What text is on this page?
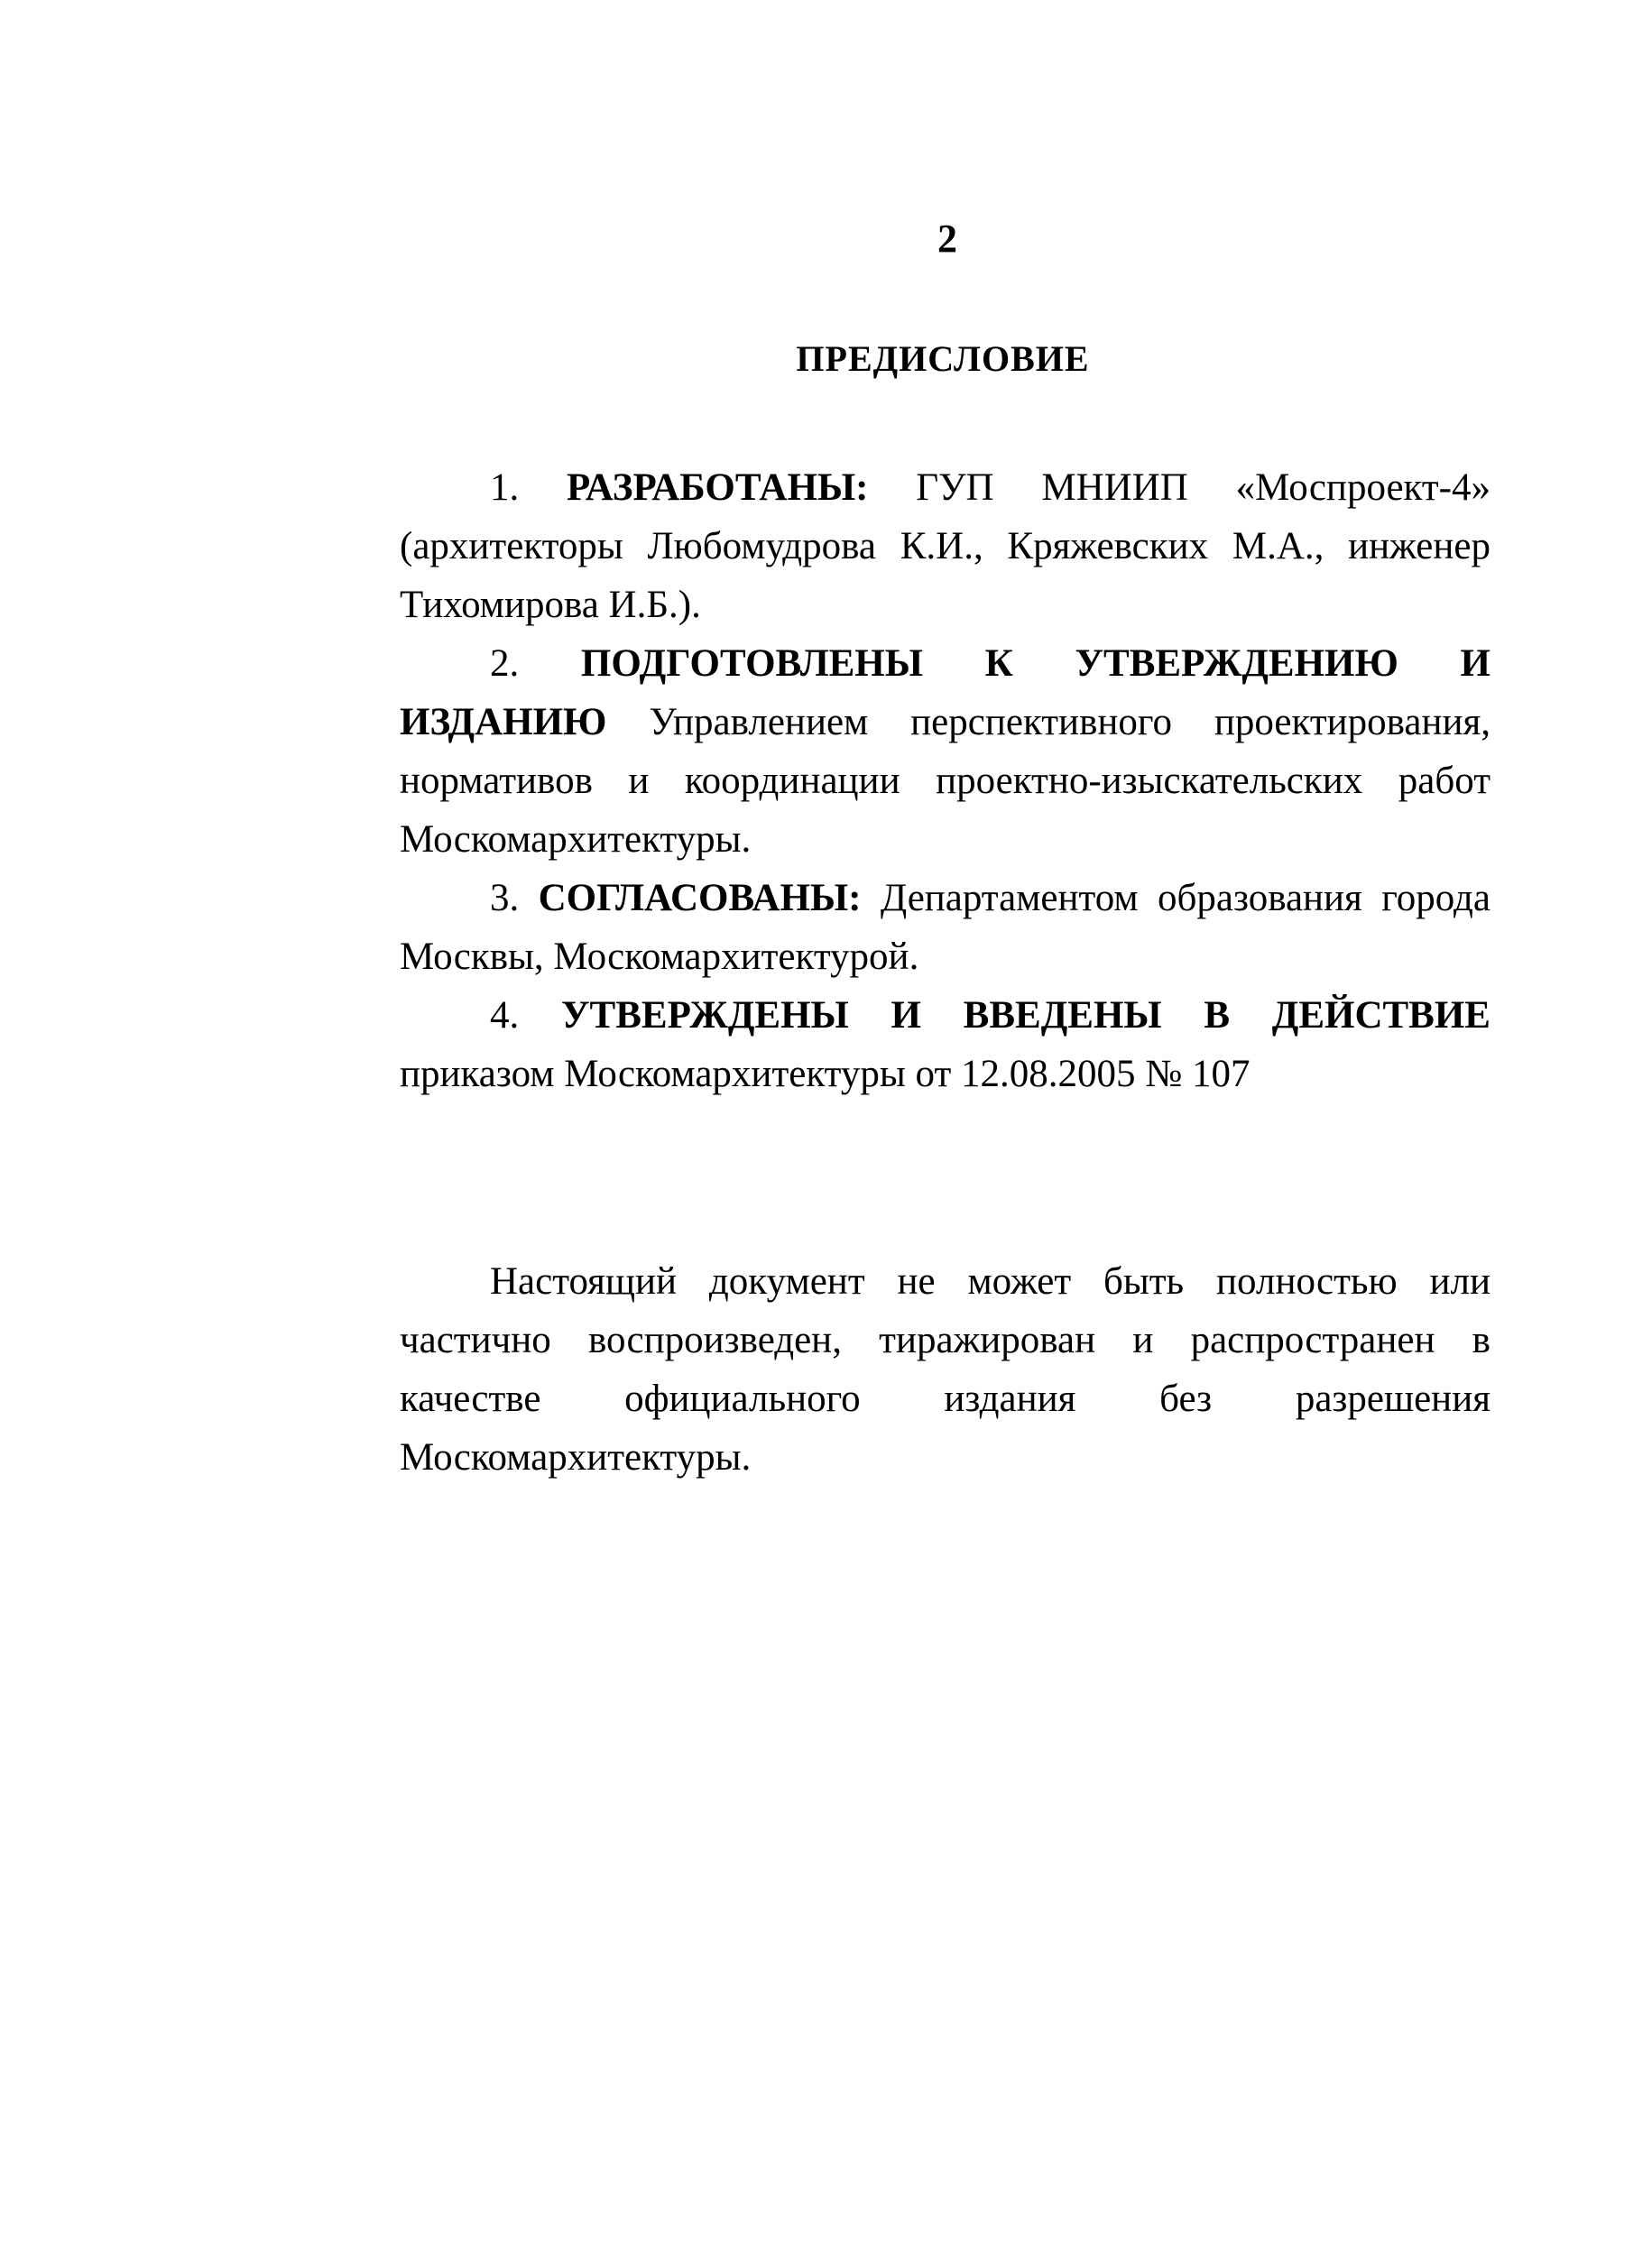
2
ПРЕДИСЛОВИЕ

1. РАЗРАБОТАНЫ: ГУП МНИИП «Моспроект-4» (архитекторы Любомудрова К.И., Кряжевских М.А., инженер Тихомирова И.Б.).

2. ПОДГОТОВЛЕНЫ К УТВЕРЖДЕНИЮ И ИЗДАНИЮ Управлением перспективного проектирования, нормативов и координации проектно-изыскательских работ Москомархитектуры.

3. СОГЛАСОВАНЫ: Департаментом образования города Москвы, Москомархитектурой.

4. УТВЕРЖДЕНЫ И ВВЕДЕНЫ В ДЕЙСТВИЕ приказом Москомархитектуры от 12.08.2005 № 107

Настоящий документ не может быть полностью или частично воспроизведен, тиражирован и распространен в качестве официального издания без разрешения Москомархитектуры.
